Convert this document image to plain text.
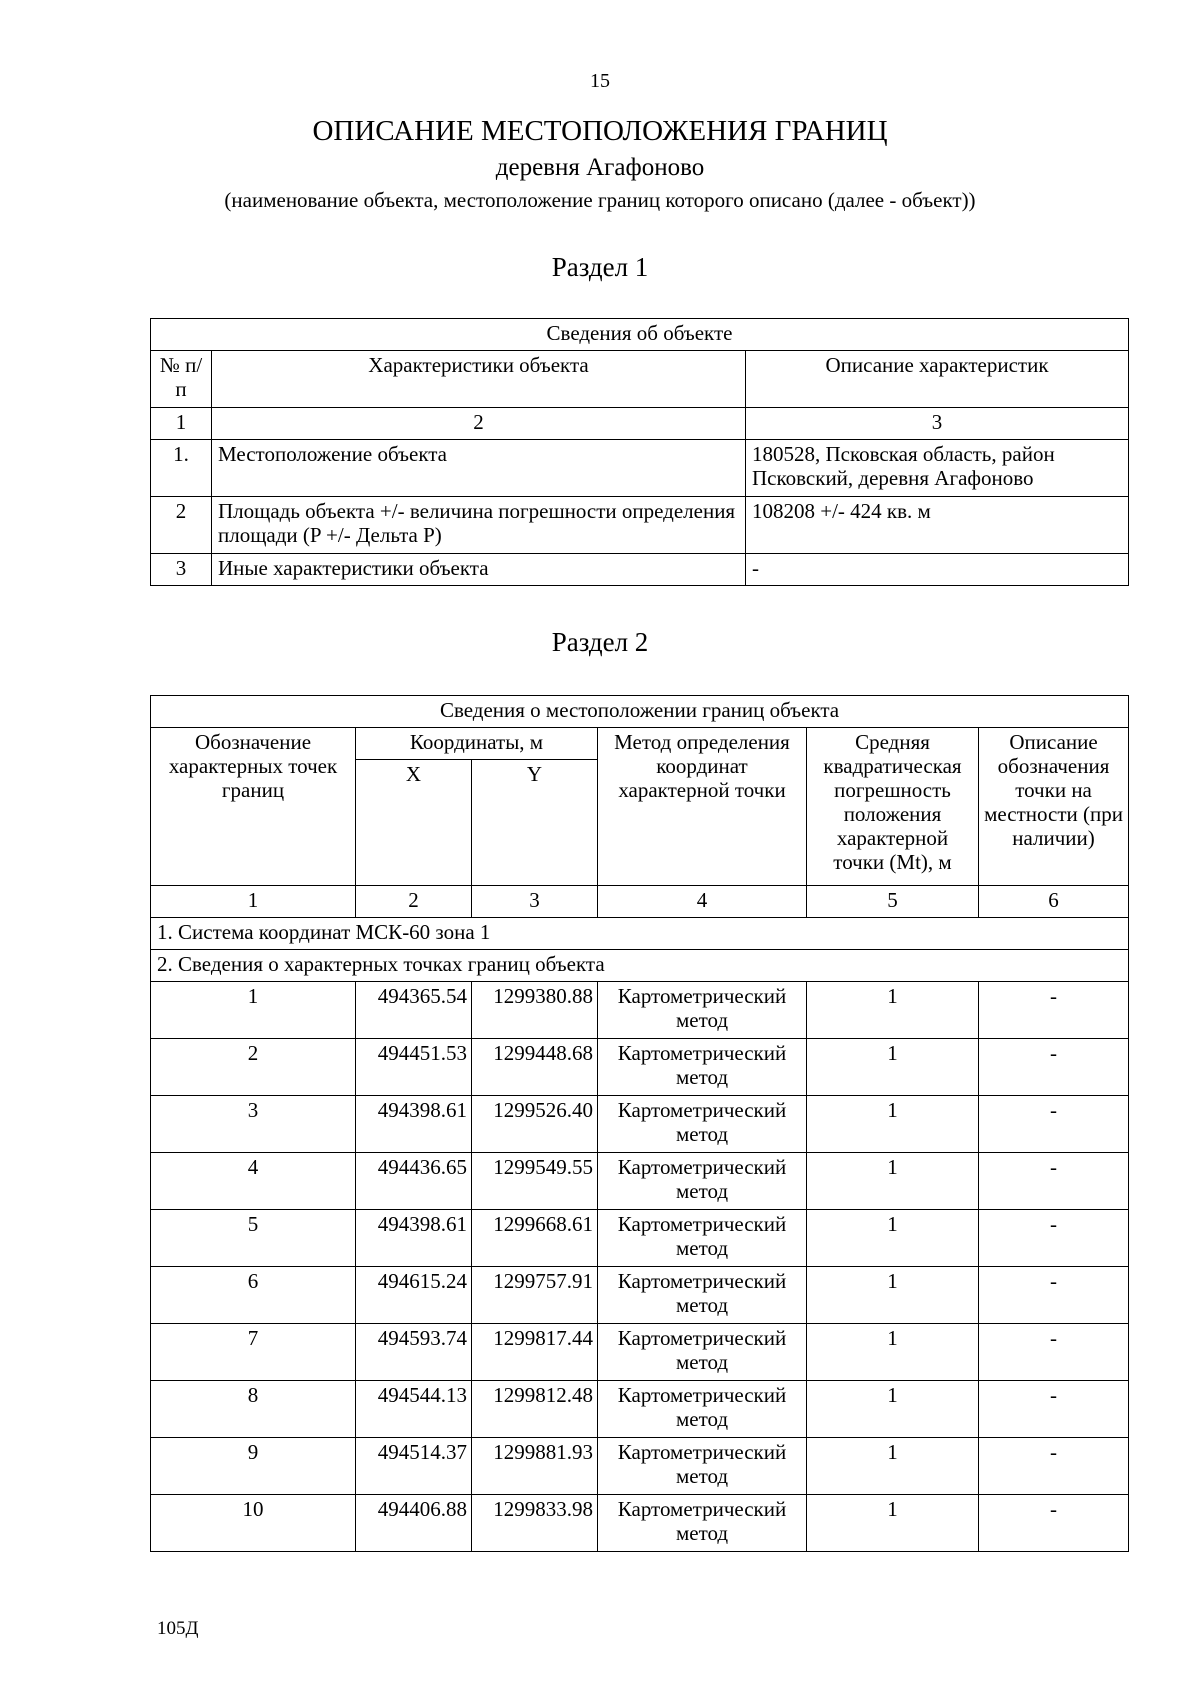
15
ОПИСАНИЕ МЕСТОПОЛОЖЕНИЯ ГРАНИЦ
деревня Агафоново
(наименование объекта, местоположение границ которого описано (далее - объект))
Раздел 1
Сведения об объекте		
№ п/п	Характеристики объекта	Описание характеристик
1	2	3
1.	Местоположение объекта	180528, Псковская область, район Псковский, деревня Агафоново
2	Площадь объекта +/- величина погрешности определения площади (P +/- Дельта P)	108208 +/- 424 кв. м
3	Иные характеристики объекта	-
Раздел 2
Сведения о местоположении границ объекта					
Обозначение характерных точек границ	Координаты, м		Метод определения координат характерной точки	Средняя квадратическая погрешность положения характерной точки (Mt), м	Описание обозначения точки на местности (при наличии)
	X	Y			
1	2	3	4	5	6
1. Система координат МСК-60 зона 1					
2. Сведения о характерных точках границ объекта					
1	494365.54	1299380.88	Картометрический метод	1	-
2	494451.53	1299448.68	Картометрический метод	1	-
3	494398.61	1299526.40	Картометрический метод	1	-
4	494436.65	1299549.55	Картометрический метод	1	-
5	494398.61	1299668.61	Картометрический метод	1	-
6	494615.24	1299757.91	Картометрический метод	1	-
7	494593.74	1299817.44	Картометрический метод	1	-
8	494544.13	1299812.48	Картометрический метод	1	-
9	494514.37	1299881.93	Картометрический метод	1	-
10	494406.88	1299833.98	Картометрический метод	1	-
105Д
